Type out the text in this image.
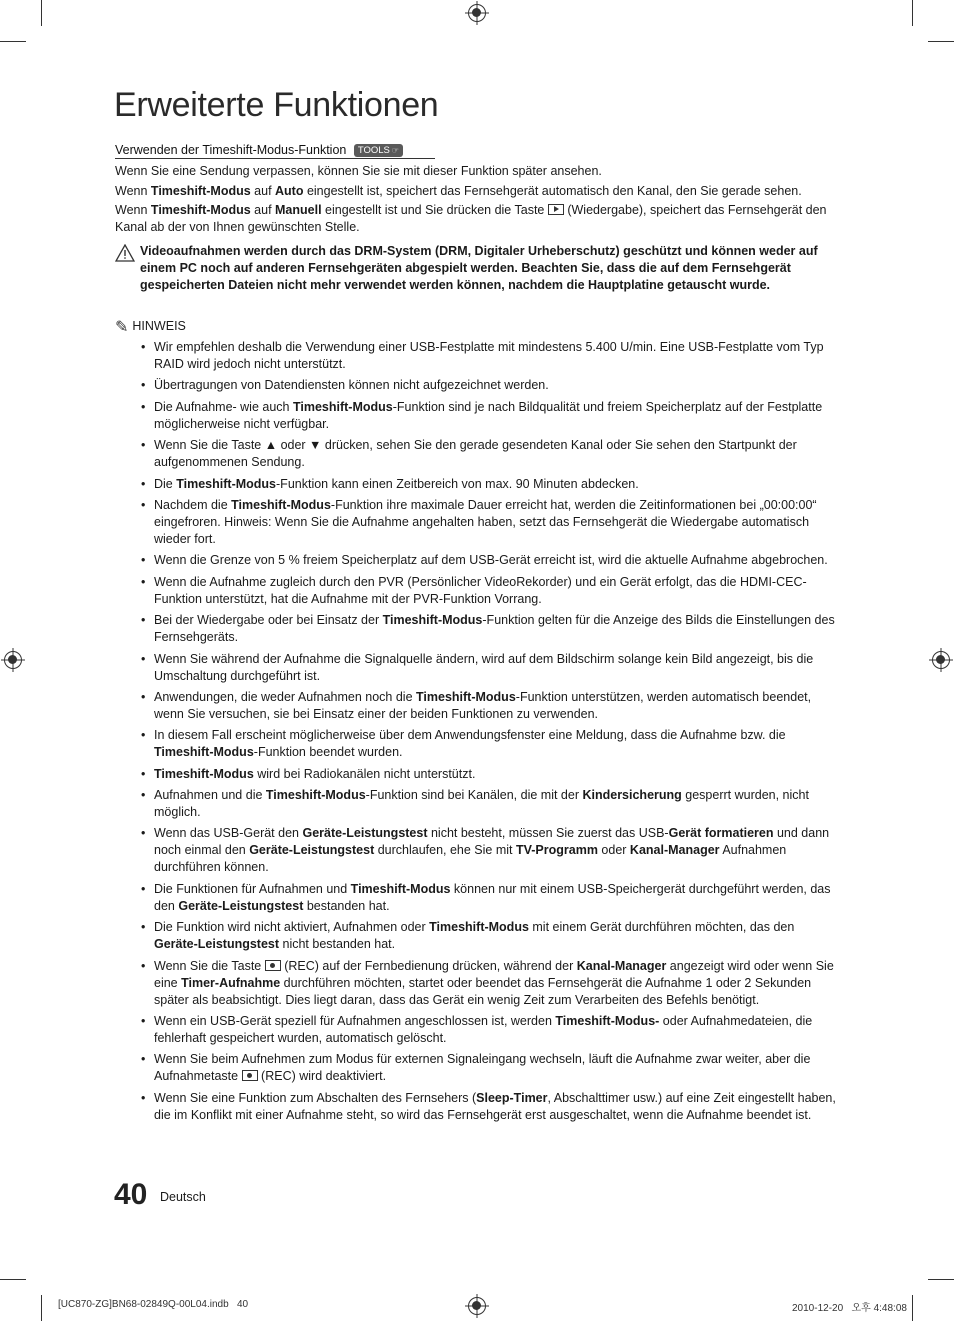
Erweiterte Funktionen
Verwenden der Timeshift-Modus-Funktion TOOLS ☞

Wenn Sie eine Sendung verpassen, können Sie sie mit dieser Funktion später ansehen.

Wenn Timeshift-Modus auf Auto eingestellt ist, speichert das Fernsehgerät automatisch den Kanal, den Sie gerade sehen.

Wenn Timeshift-Modus auf Manuell eingestellt ist und Sie drücken die Taste  (Wiedergabe), speichert das Fernsehgerät den Kanal ab der von Ihnen gewünschten Stelle.

Videoaufnahmen werden durch das DRM-System (DRM, Digitaler Urheberschutz) geschützt und können weder auf einem PC noch auf anderen Fernsehgeräten abgespielt werden. Beachten Sie, dass die auf dem Fernsehgerät gespeicherten Dateien nicht mehr verwendet werden können, nachdem die Hauptplatine getauscht wurde.

✎ HINWEIS
• Wir empfehlen deshalb die Verwendung einer USB-Festplatte mit mindestens 5.400 U/min. Eine USB-Festplatte vom Typ RAID wird jedoch nicht unterstützt.
• Übertragungen von Datendiensten können nicht aufgezeichnet werden.
• Die Aufnahme- wie auch Timeshift-Modus-Funktion sind je nach Bildqualität und freiem Speicherplatz auf der Festplatte möglicherweise nicht verfügbar.
• Wenn Sie die Taste ▲ oder ▼ drücken, sehen Sie den gerade gesendeten Kanal oder Sie sehen den Startpunkt der aufgenommenen Sendung.
• Die Timeshift-Modus-Funktion kann einen Zeitbereich von max. 90 Minuten abdecken.
• Nachdem die Timeshift-Modus-Funktion ihre maximale Dauer erreicht hat, werden die Zeitinformationen bei „00:00:00“ eingefroren. Hinweis: Wenn Sie die Aufnahme angehalten haben, setzt das Fernsehgerät die Wiedergabe automatisch wieder fort.
• Wenn die Grenze von 5 % freiem Speicherplatz auf dem USB-Gerät erreicht ist, wird die aktuelle Aufnahme abgebrochen.
• Wenn die Aufnahme zugleich durch den PVR (Persönlicher VideoRekorder) und ein Gerät erfolgt, das die HDMI-CEC-Funktion unterstützt, hat die Aufnahme mit der PVR-Funktion Vorrang.
• Bei der Wiedergabe oder bei Einsatz der Timeshift-Modus-Funktion gelten für die Anzeige des Bilds die Einstellungen des Fernsehgeräts.
• Wenn Sie während der Aufnahme die Signalquelle ändern, wird auf dem Bildschirm solange kein Bild angezeigt, bis die Umschaltung durchgeführt ist.
• Anwendungen, die weder Aufnahmen noch die Timeshift-Modus-Funktion unterstützen, werden automatisch beendet, wenn Sie versuchen, sie bei Einsatz einer der beiden Funktionen zu verwenden.
• In diesem Fall erscheint möglicherweise über dem Anwendungsfenster eine Meldung, dass die Aufnahme bzw. die Timeshift-Modus-Funktion beendet wurden.
• Timeshift-Modus wird bei Radiokanälen nicht unterstützt.
• Aufnahmen und die Timeshift-Modus-Funktion sind bei Kanälen, die mit der Kindersicherung gesperrt wurden, nicht möglich.
• Wenn das USB-Gerät den Geräte-Leistungstest nicht besteht, müssen Sie zuerst das USB-Gerät formatieren und dann noch einmal den Geräte-Leistungstest durchlaufen, ehe Sie mit TV-Programm oder Kanal-Manager Aufnahmen durchführen können.
• Die Funktionen für Aufnahmen und Timeshift-Modus können nur mit einem USB-Speichergerät durchgeführt werden, das den Geräte-Leistungstest bestanden hat.
• Die Funktion wird nicht aktiviert, Aufnahmen oder Timeshift-Modus mit einem Gerät durchführen möchten, das den Geräte-Leistungstest nicht bestanden hat.
• Wenn Sie die Taste  (REC) auf der Fernbedienung drücken, während der Kanal-Manager angezeigt wird oder wenn Sie eine Timer-Aufnahme durchführen möchten, startet oder beendet das Fernsehgerät die Aufnahme 1 oder 2 Sekunden später als beabsichtigt. Dies liegt daran, dass das Gerät ein wenig Zeit zum Verarbeiten des Befehls benötigt.
• Wenn ein USB-Gerät speziell für Aufnahmen angeschlossen ist, werden Timeshift-Modus- oder Aufnahmedateien, die fehlerhaft gespeichert wurden, automatisch gelöscht.
• Wenn Sie beim Aufnehmen zum Modus für externen Signaleingang wechseln, läuft die Aufnahme zwar weiter, aber die Aufnahmetaste  (REC) wird deaktiviert.
• Wenn Sie eine Funktion zum Abschalten des Fernsehers (Sleep-Timer, Abschalttimer usw.) auf eine Zeit eingestellt haben, die im Konflikt mit einer Aufnahme steht, so wird das Fernsehgerät erst ausgeschaltet, wenn die Aufnahme beendet ist.
40 Deutsch
[UC870-ZG]BN68-02849Q-00L04.indb   40	2010-12-20   오후 4:48:08
